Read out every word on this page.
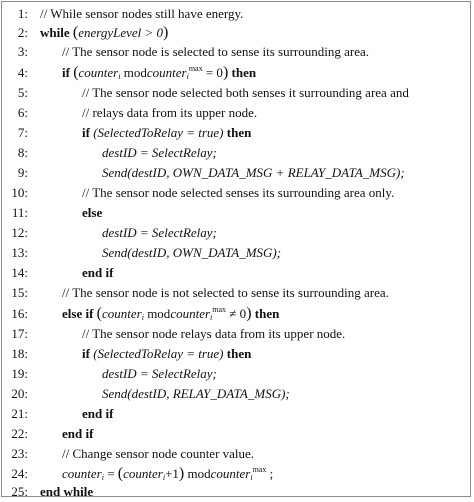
1: // While sensor nodes still have energy.
2: while (energyLevel > 0)
3:	// The sensor node is selected to sense its surrounding area.
4:	if (counter$_i$ modcounter$_i^{max}$ = 0) then
5:	// The sensor node selected both senses it surrounding area and
6:	// relays data from its upper node.
7:	if (SelectedToRelay = true) then
8:	destID = SelectRelay;
9:	Send(destID, OWN_DATA_MSG + RELAY_DATA_MSG);
10:	// The sensor node selected senses its surrounding area only.
11:	else
12:	destID = SelectRelay;
13:	Send(destID, OWN_DATA_MSG);
14:	end if
15:	// The sensor node is not selected to sense its surrounding area.
16:	else if (counter$_i$ modcounter$_i^{max}$ ≠ 0) then
17:	// The sensor node relays data from its upper node.
18:	if (SelectedToRelay = true) then
19:	destID = SelectRelay;
20:	Send(destID, RELAY_DATA_MSG);
21:	end if
22:	end if
23:	// Change sensor node counter value.
24:	counter$_i$ = (counter$_i$+1) modcounter$_i^{max}$ ;
25: end while
